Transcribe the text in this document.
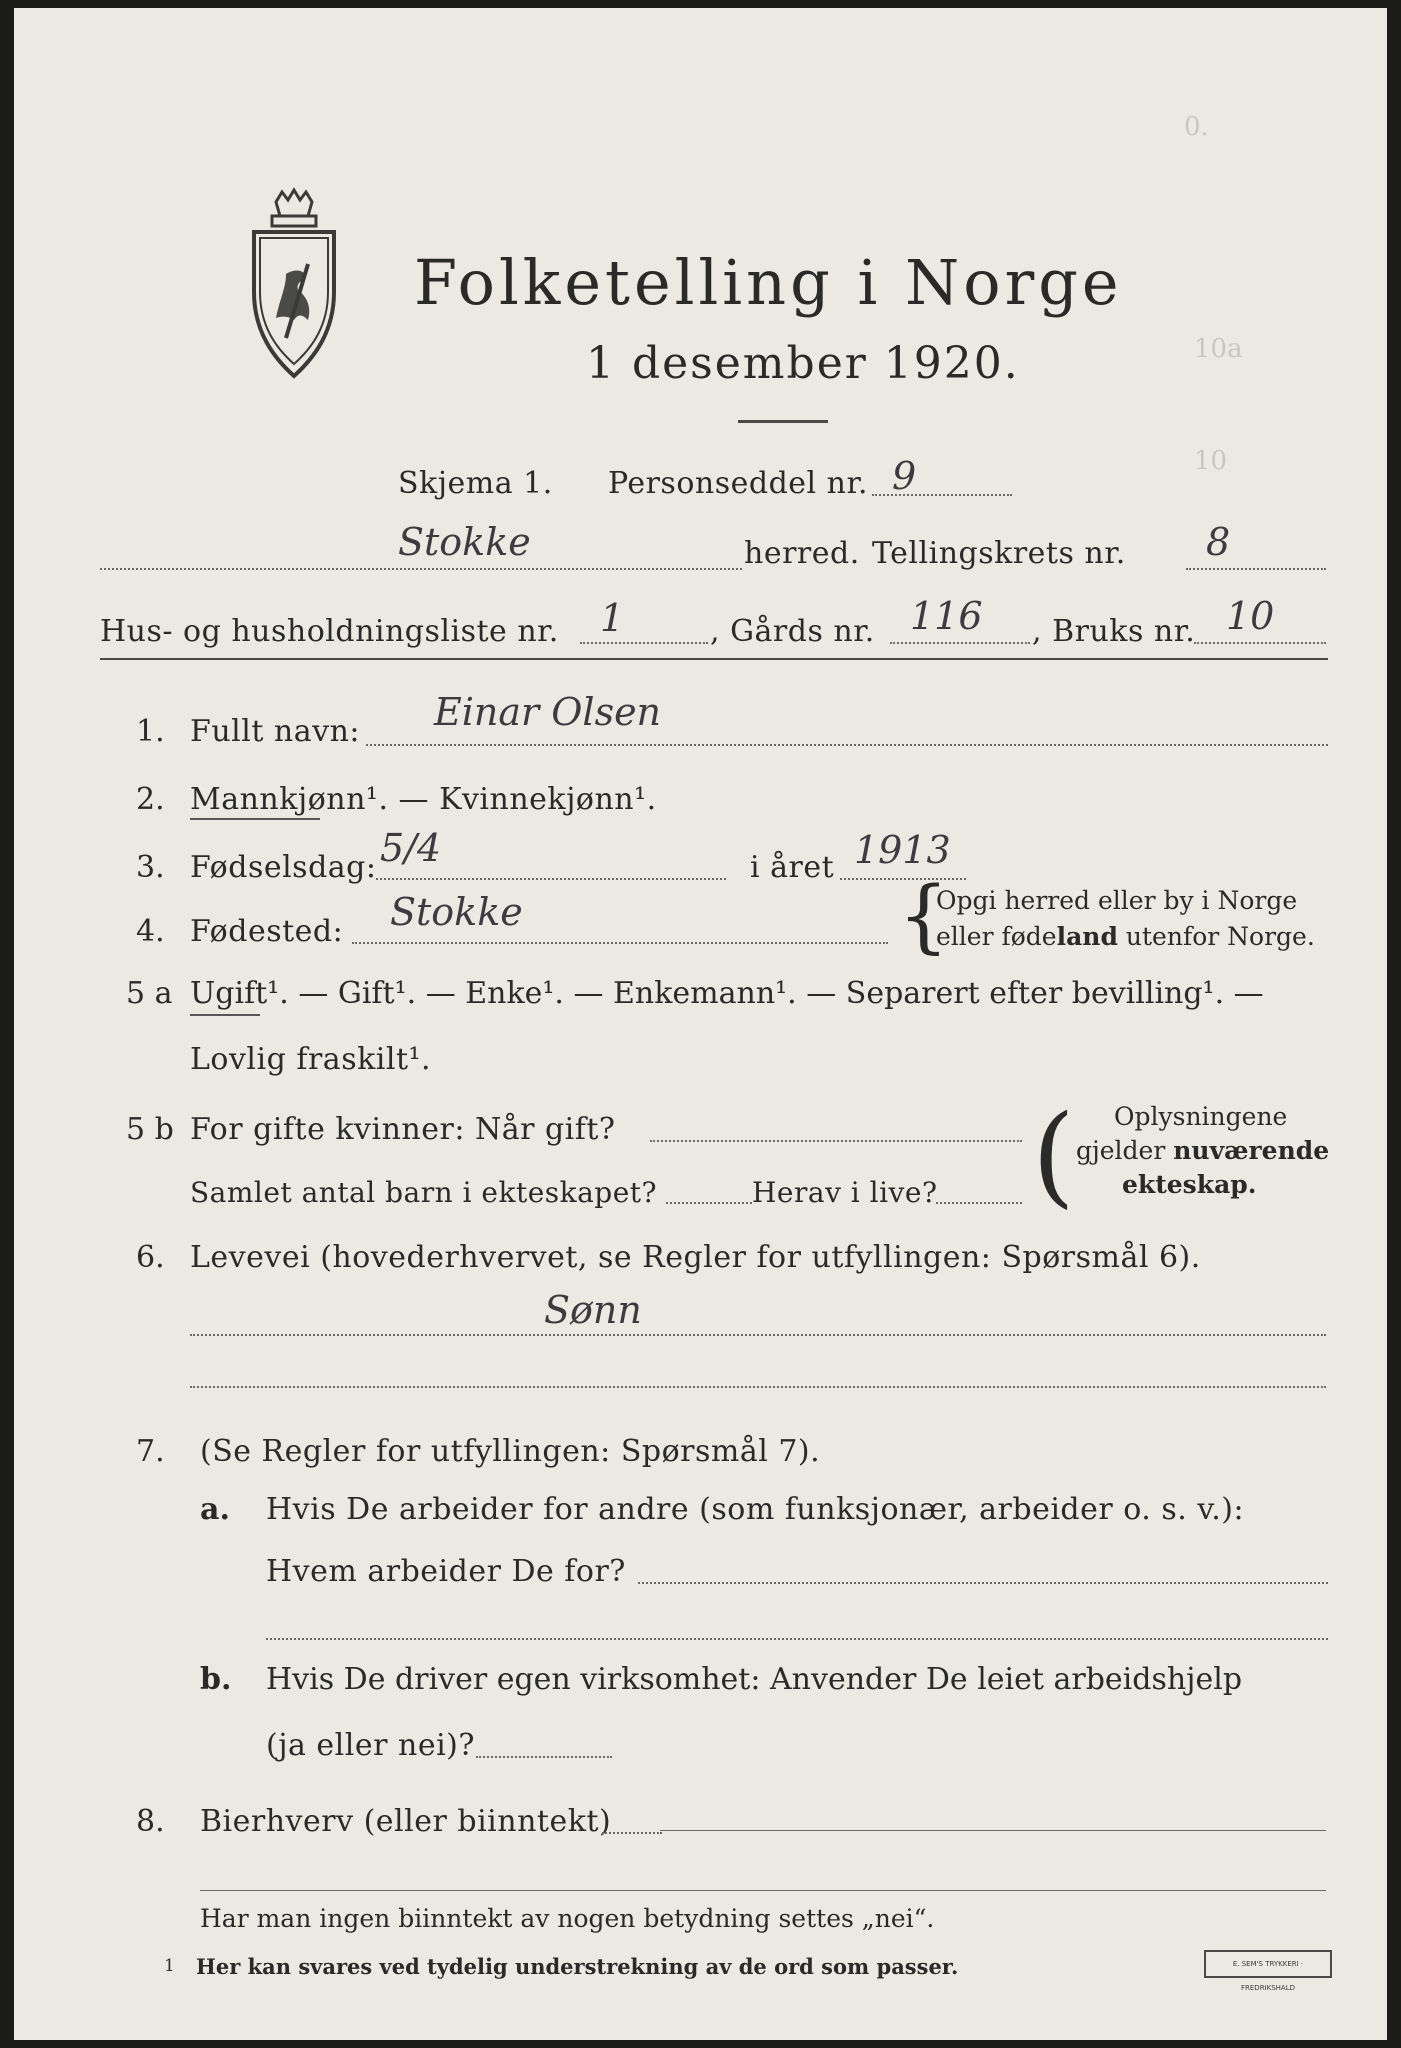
0.
10a
10
Folketelling i Norge
1 desember 1920.
Skjema 1. Personseddel nr. 9
Stokke	herred. Tellingskrets nr. 8
Hus- og husholdningsliste nr. 1	, Gårds nr. 116 , Bruks nr. 10
1. Fullt navn: Einar Olsen
2. Mannkjønn¹. — Kvinnekjønn¹.
3. Fødselsdag: 5/4	i året 1913
4. Fødested: Stokke	{
Opgi herred eller by i Norge
eller fødeland utenfor Norge.
5 a Ugift¹. — Gift¹. — Enke¹. — Enkemann¹. — Separert efter bevilling¹. —
Lovlig fraskilt¹.
5 b For gifte kvinner: Når gift?
Samlet antal barn i ekteskapet?	Herav i live? ( Oplysningene
gjelder nuværende
ekteskap.
6. Levevei (hovederhvervet, se Regler for utfyllingen: Spørsmål 6).
Sønn
7. (Se Regler for utfyllingen: Spørsmål 7).
a. Hvis De arbeider for andre (som funksjonær, arbeider o. s. v.):
Hvem arbeider De for?
b. Hvis De driver egen virksomhet: Anvender De leiet arbeidshjelp
(ja eller nei)?
8. Bierhverv (eller biinntekt)
Har man ingen biinntekt av nogen betydning settes „nei“.
1 Her kan svares ved tydelig understrekning av de ord som passer.	E. SEM'S TRYKKERI · FREDRIKSHALD
